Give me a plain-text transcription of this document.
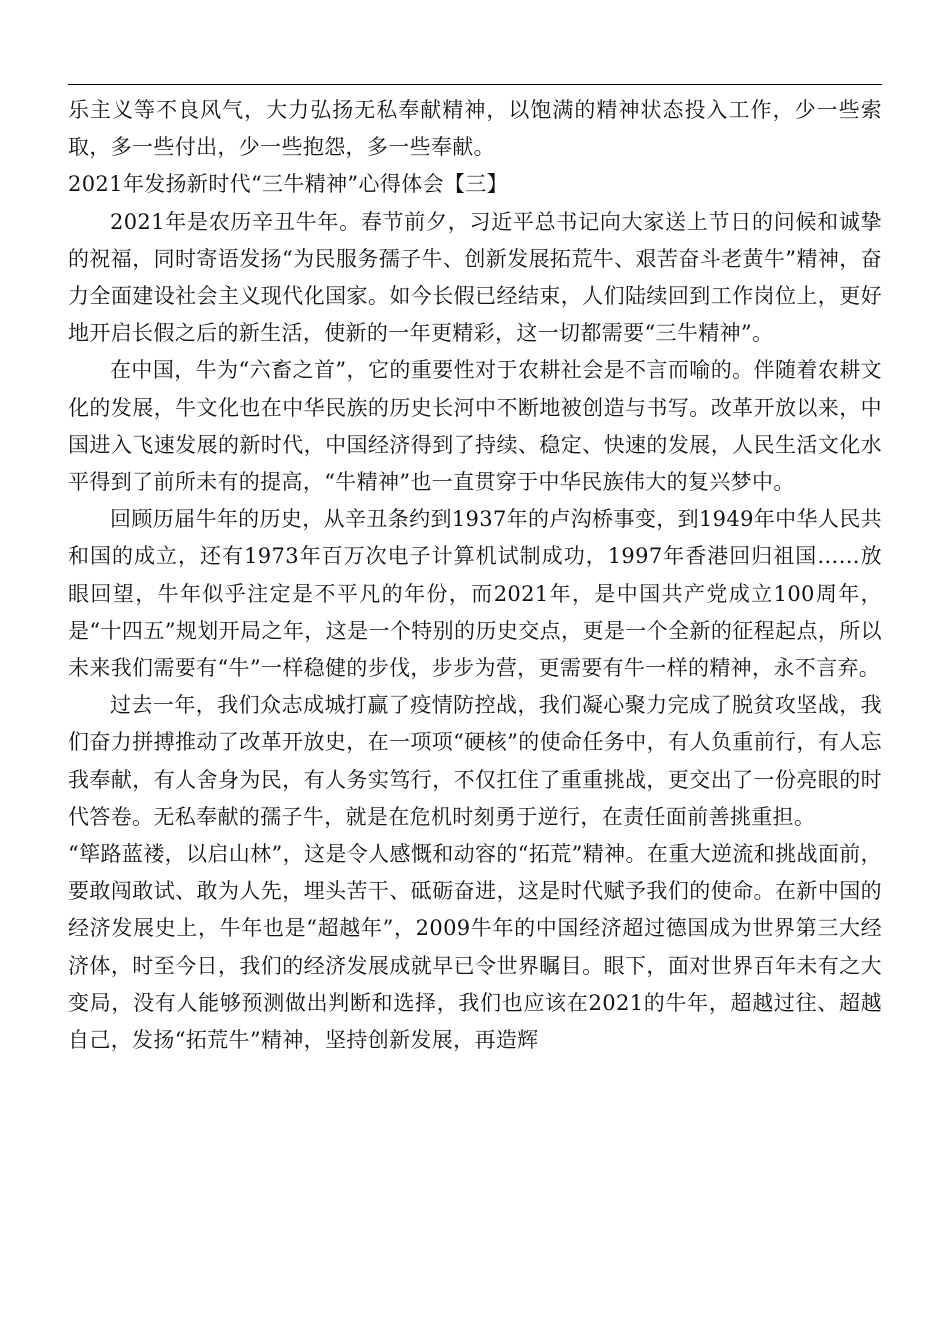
乐主义等不良风气，大力弘扬无私奉献精神，以饱满的精神状态投入工作，少一些索取，多一些付出，少一些抱怨，多一些奉献。

2021年发扬新时代“三牛精神”心得体会【三】

2021年是农历辛丑牛年。春节前夕，习近平总书记向大家送上节日的问候和诚挚的祝福，同时寄语发扬“为民服务孺子牛、创新发展拓荒牛、艰苦奋斗老黄牛”精神，奋力全面建设社会主义现代化国家。如今长假已经结束，人们陆续回到工作岗位上，更好地开启长假之后的新生活，使新的一年更精彩，这一切都需要“三牛精神”。

在中国，牛为“六畜之首”，它的重要性对于农耕社会是不言而喻的。伴随着农耕文化的发展，牛文化也在中华民族的历史长河中不断地被创造与书写。改革开放以来，中国进入飞速发展的新时代，中国经济得到了持续、稳定、快速的发展，人民生活文化水平得到了前所未有的提高，“牛精神”也一直贯穿于中华民族伟大的复兴梦中。

回顾历届牛年的历史，从辛丑条约到1937年的卢沟桥事变，到1949年中华人民共和国的成立，还有1973年百万次电子计算机试制成功，1997年香港回归祖国……放眼回望，牛年似乎注定是不平凡的年份，而2021年，是中国共产党成立100周年，是“十四五”规划开局之年，这是一个特别的历史交点，更是一个全新的征程起点，所以未来我们需要有“牛”一样稳健的步伐，步步为营，更需要有牛一样的精神，永不言弃。

过去一年，我们众志成城打赢了疫情防控战，我们凝心聚力完成了脱贫攻坚战，我们奋力拼搏推动了改革开放史，在一项项“硬核”的使命任务中，有人负重前行，有人忘我奉献，有人舍身为民，有人务实笃行，不仅扛住了重重挑战，更交出了一份亮眼的时代答卷。无私奉献的孺子牛，就是在危机时刻勇于逆行，在责任面前善挑重担。

“筚路蓝褛，以启山林”，这是令人感慨和动容的“拓荒”精神。在重大逆流和挑战面前，要敢闯敢试、敢为人先，埋头苦干、砥砺奋进，这是时代赋予我们的使命。在新中国的经济发展史上，牛年也是“超越年”，2009牛年的中国经济超过德国成为世界第三大经济体，时至今日，我们的经济发展成就早已令世界瞩目。眼下，面对世界百年未有之大变局，没有人能够预测做出判断和选择，我们也应该在2021的牛年，超越过往、超越自己，发扬“拓荒牛”精神，坚持创新发展，再造辉
